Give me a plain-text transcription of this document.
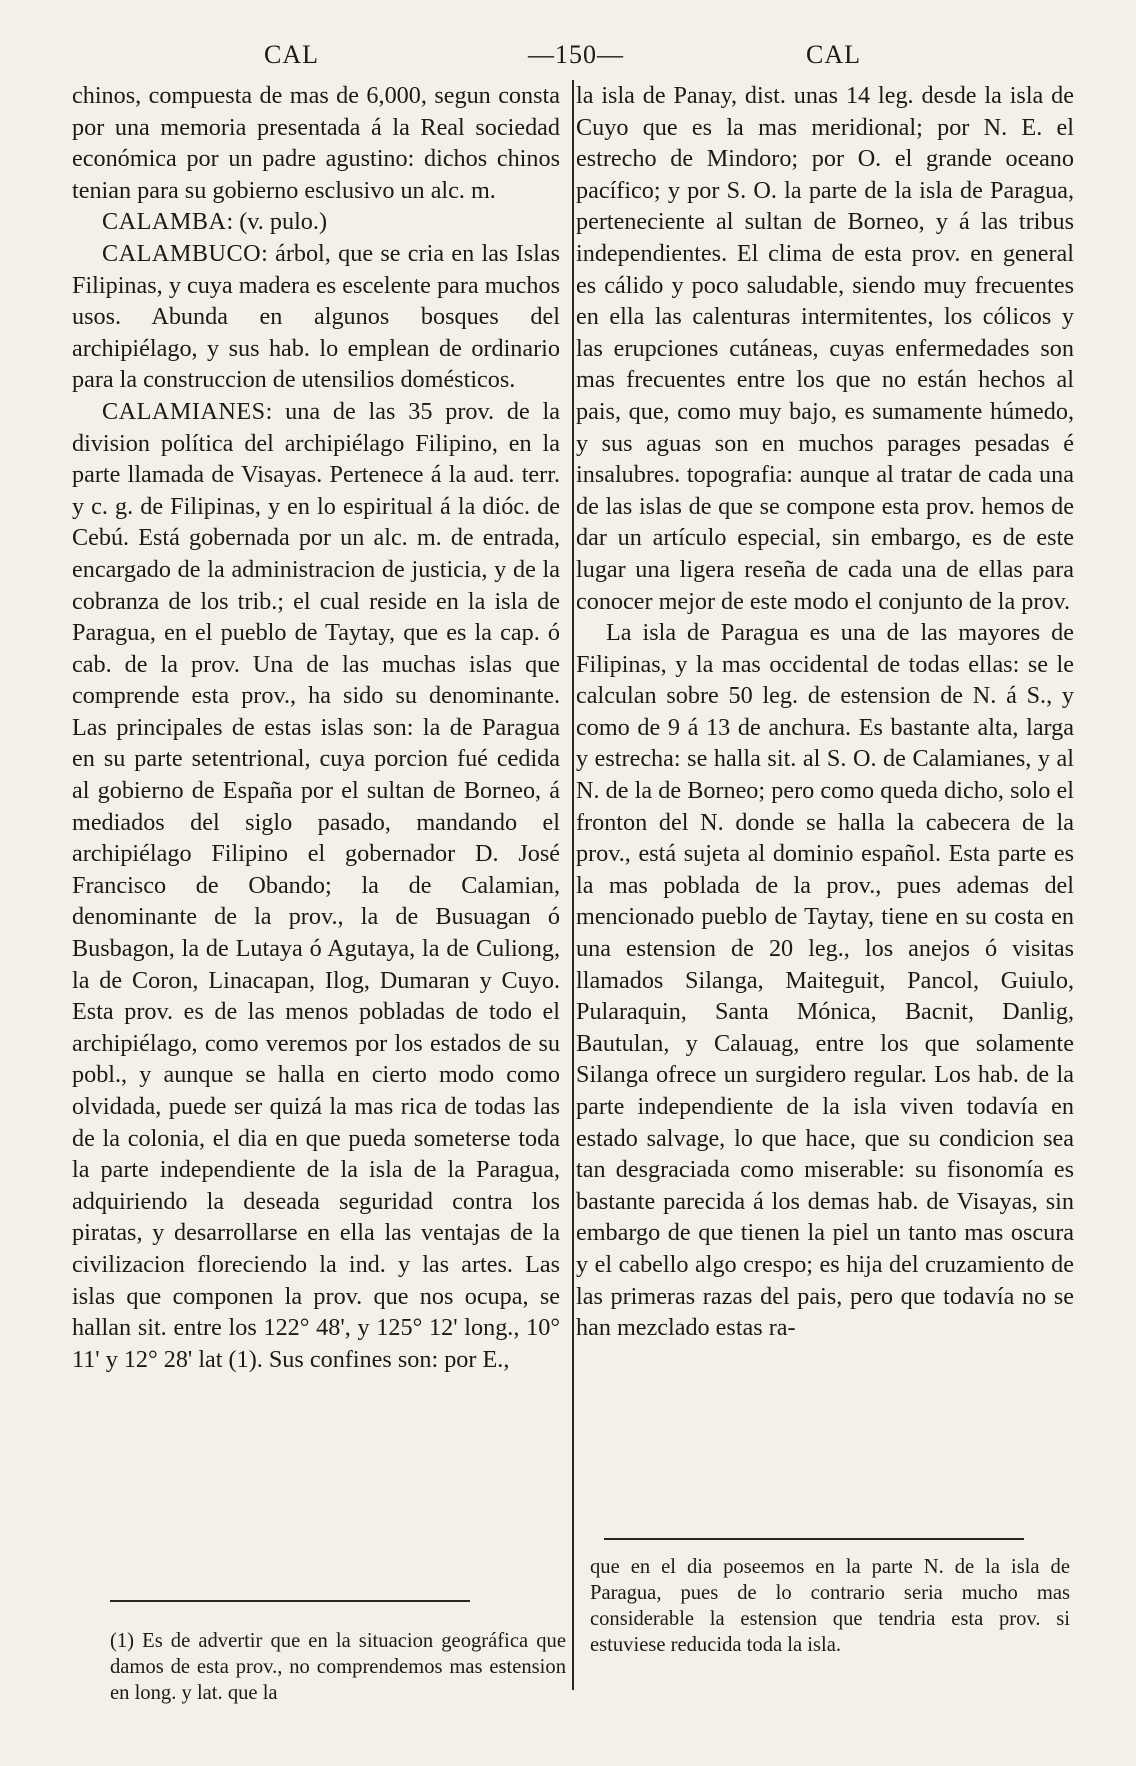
CAL	—150—	CAL

chinos, compuesta de mas de 6,000, segun consta por una memoria presentada á la Real sociedad económica por un padre agustino: dichos chinos tenian para su gobierno esclusivo un alc. m.

CALAMBA: (v. pulo.)

CALAMBUCO: árbol, que se cria en las Islas Filipinas, y cuya madera es escelente para muchos usos. Abunda en algunos bosques del archipiélago, y sus hab. lo emplean de ordinario para la construccion de utensilios domésticos.

CALAMIANES: una de las 35 prov. de la division política del archipiélago Filipino, en la parte llamada de Visayas. Pertenece á la aud. terr. y c. g. de Filipinas, y en lo espiritual á la dióc. de Cebú. Está gobernada por un alc. m. de entrada, encargado de la administracion de justicia, y de la cobranza de los trib.; el cual reside en la isla de Paragua, en el pueblo de Taytay, que es la cap. ó cab. de la prov. Una de las muchas islas que comprende esta prov., ha sido su denominante. Las principales de estas islas son: la de Paragua en su parte setentrional, cuya porcion fué cedida al gobierno de España por el sultan de Borneo, á mediados del siglo pasado, mandando el archipiélago Filipino el gobernador D. José Francisco de Obando; la de Calamian, denominante de la prov., la de Busuagan ó Busbagon, la de Lutaya ó Agutaya, la de Culiong, la de Coron, Linacapan, Ilog, Dumaran y Cuyo. Esta prov. es de las menos pobladas de todo el archipiélago, como veremos por los estados de su pobl., y aunque se halla en cierto modo como olvidada, puede ser quizá la mas rica de todas las de la colonia, el dia en que pueda someterse toda la parte independiente de la isla de la Paragua, adquiriendo la deseada seguridad contra los piratas, y desarrollarse en ella las ventajas de la civilizacion floreciendo la ind. y las artes. Las islas que componen la prov. que nos ocupa, se hallan sit. entre los 122° 48', y 125° 12' long., 10° 11' y 12° 28' lat (1). Sus confines son: por E.,

la isla de Panay, dist. unas 14 leg. desde la isla de Cuyo que es la mas meridional; por N. E. el estrecho de Mindoro; por O. el grande oceano pacífico; y por S. O. la parte de la isla de Paragua, perteneciente al sultan de Borneo, y á las tribus independientes. El clima de esta prov. en general es cálido y poco saludable, siendo muy frecuentes en ella las calenturas intermitentes, los cólicos y las erupciones cutáneas, cuyas enfermedades son mas frecuentes entre los que no están hechos al pais, que, como muy bajo, es sumamente húmedo, y sus aguas son en muchos parages pesadas é insalubres. topografia: aunque al tratar de cada una de las islas de que se compone esta prov. hemos de dar un artículo especial, sin embargo, es de este lugar una ligera reseña de cada una de ellas para conocer mejor de este modo el conjunto de la prov.

La isla de Paragua es una de las mayores de Filipinas, y la mas occidental de todas ellas: se le calculan sobre 50 leg. de estension de N. á S., y como de 9 á 13 de anchura. Es bastante alta, larga y estrecha: se halla sit. al S. O. de Calamianes, y al N. de la de Borneo; pero como queda dicho, solo el fronton del N. donde se halla la cabecera de la prov., está sujeta al dominio español. Esta parte es la mas poblada de la prov., pues ademas del mencionado pueblo de Taytay, tiene en su costa en una estension de 20 leg., los anejos ó visitas llamados Silanga, Maiteguit, Pancol, Guiulo, Pularaquin, Santa Mónica, Bacnit, Danlig, Bautulan, y Calauag, entre los que solamente Silanga ofrece un surgidero regular. Los hab. de la parte independiente de la isla viven todavía en estado salvage, lo que hace, que su condicion sea tan desgraciada como miserable: su fisonomía es bastante parecida á los demas hab. de Visayas, sin embargo de que tienen la piel un tanto mas oscura y el cabello algo crespo; es hija del cruzamiento de las primeras razas del pais, pero que todavía no se han mezclado estas ra-

(1) Es de advertir que en la situacion geográfica que damos de esta prov., no comprendemos mas estension en long. y lat. que la
que en el dia poseemos en la parte N. de la isla de Paragua, pues de lo contrario seria mucho mas considerable la estension que tendria esta prov. si estuviese reducida toda la isla.
